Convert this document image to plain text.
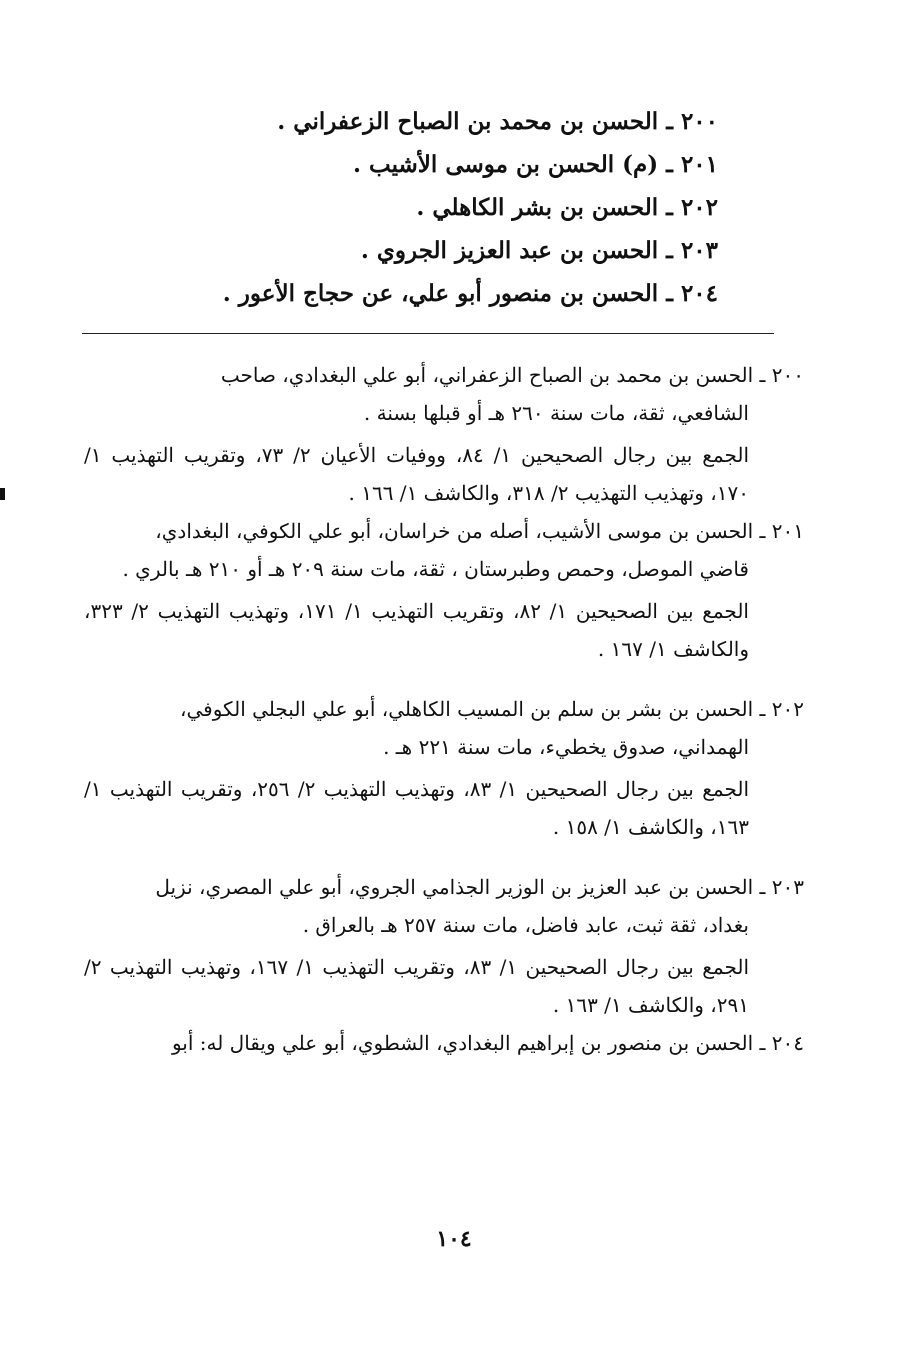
٢٠٠ ـ الحسن بن محمد بن الصباح الزعفراني .
٢٠١ ـ (م) الحسن بن موسى الأشيب .
٢٠٢ ـ الحسن بن بشر الكاهلي .
٢٠٣ ـ الحسن بن عبد العزيز الجروي .
٢٠٤ ـ الحسن بن منصور أبو علي، عن حجاج الأعور .
٢٠٠ ـ الحسن بن محمد بن الصباح الزعفراني، أبو علي البغدادي، صاحب
الشافعي، ثقة، مات سنة ٢٦٠ هـ أو قبلها بسنة .
الجمع بين رجال الصحيحين ١/ ٨٤، ووفيات الأعيان ٢/ ٧٣، وتقريب التهذيب ١/ ١٧٠، وتهذيب التهذيب ٢/ ٣١٨، والكاشف ١/ ١٦٦ .
٢٠١ ـ الحسن بن موسى الأشيب، أصله من خراسان، أبو علي الكوفي، البغدادي،
قاضي الموصل، وحمص وطبرستان ، ثقة، مات سنة ٢٠٩ هـ أو ٢١٠ هـ بالري .
الجمع بين الصحيحين ١/ ٨٢، وتقريب التهذيب ١/ ١٧١، وتهذيب التهذيب ٢/ ٣٢٣، والكاشف ١/ ١٦٧ .
٢٠٢ ـ الحسن بن بشر بن سلم بن المسيب الكاهلي، أبو علي البجلي الكوفي،
الهمداني، صدوق يخطيء، مات سنة ٢٢١ هـ .
الجمع بين رجال الصحيحين ١/ ٨٣، وتهذيب التهذيب ٢/ ٢٥٦، وتقريب التهذيب ١/ ١٦٣، والكاشف ١/ ١٥٨ .
٢٠٣ ـ الحسن بن عبد العزيز بن الوزير الجذامي الجروي، أبو علي المصري، نزيل
بغداد، ثقة ثبت، عابد فاضل، مات سنة ٢٥٧ هـ بالعراق .
الجمع بين رجال الصحيحين ١/ ٨٣، وتقريب التهذيب ١/ ١٦٧، وتهذيب التهذيب ٢/ ٢٩١، والكاشف ١/ ١٦٣ .
٢٠٤ ـ الحسن بن منصور بن إبراهيم البغدادي، الشطوي، أبو علي ويقال له: أبو
١٠٤
